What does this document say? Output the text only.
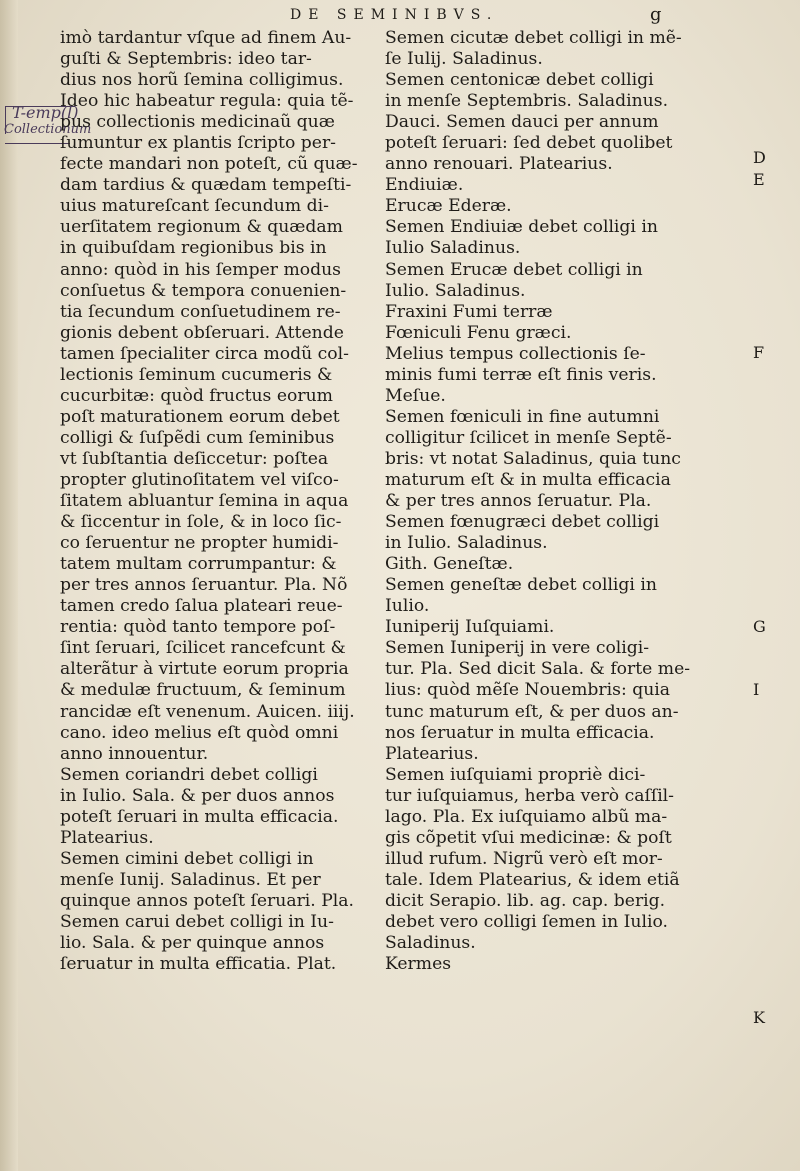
DE SEMINIBVS.	g
T-emp(l)
Collectionum
imò tardantur vſque ad finem Au-
guſti & Septembris: ideo tar-
dius nos horũ ſemina colligimus.
Ideo hic habeatur regula: quia tẽ-
pus collectionis medicinaũ quæ
ſumuntur ex plantis ſcripto per-
fecte mandari non poteſt, cũ quæ-
dam tardius & quædam tempeſti-
uius matureſcant ſecundum di-
uerſitatem regionum & quædam
in quibuſdam regionibus bis in
anno: quòd in his ſemper modus
conſuetus & tempora conuenien-
tia ſecundum conſuetudinem re-
gionis debent obſeruari. Attende
tamen ſpecialiter circa modũ col-
lectionis ſeminum cucumeris &
cucurbitæ: quòd fructus eorum
poſt maturationem eorum debet
colligi & ſuſpẽdi cum ſeminibus
vt ſubſtantia deſiccetur: poſtea
propter glutinoſitatem vel viſco-
ſitatem abluantur ſemina in aqua
& ſiccentur in ſole, & in loco ſic-
co ſeruentur ne propter humidi-
tatem multam corrumpantur: &
per tres annos ſeruantur. Pla. Nõ
tamen credo ſalua plateari reue-
rentia: quòd tanto tempore poſ-
ſint ſeruari, ſcilicet rancefcunt &
alterãtur à virtute eorum propria
& medulæ fructuum, & ſeminum
rancidæ eſt venenum. Auicen. iiij.
cano. ideo melius eſt quòd omni
anno innouentur.
Semen coriandri debet colligi
in Iulio. Sala. & per duos annos
poteſt ſeruari in multa efficacia.
Platearius.
Semen cimini debet colligi in
menſe Iunij. Saladinus. Et per
quinque annos poteſt ſeruari. Pla.
Semen carui debet colligi in Iu-
lio. Sala. & per quinque annos
ſeruatur in multa efficatia. Plat.
Semen cicutæ debet colligi in mẽ-
ſe Iulij. Saladinus.
Semen centonicæ debet colligi
in menſe Septembris. Saladinus.
Dauci. Semen dauci per annum
poteſt ſeruari: ſed debet quolibet
anno renouari. Platearius.
Endiuiæ.
Erucæ Ederæ.
Semen Endiuiæ debet colligi in
Iulio Saladinus.
Semen Erucæ debet colligi in
Iulio. Saladinus.
Fraxini Fumi terræ
Fœniculi Fenu græci.
Melius tempus collectionis ſe-
minis fumi terræ eſt finis veris.
Meſue.
Semen fœniculi in fine autumni
colligitur ſcilicet in menſe Septẽ-
bris: vt notat Saladinus, quia tunc
maturum eſt & in multa efficacia
& per tres annos ſeruatur. Pla.
Semen fœnugræci debet colligi
in Iulio. Saladinus.
Gith. Geneſtæ.
Semen geneſtæ debet colligi in
Iulio.
Iuniperij Iuſquiami.
Semen Iuniperij in vere coligi-
tur. Pla. Sed dicit Sala. & forte me-
lius: quòd mẽſe Nouembris: quia
tunc maturum eſt, & per duos an-
nos ſeruatur in multa efficacia.
Platearius.
Semen iuſquiami propriè dici-
tur iuſquiamus, herba verò caſſil-
lago. Pla. Ex iuſquiamo albũ ma-
gis cõpetit vſui medicinæ: & poſt
illud rufum. Nigrũ verò eſt mor-
tale. Idem Platearius, & idem etiã
dicit Serapio. lib. ag. cap. berig.
debet vero colligi ſemen in Iulio.
Saladinus.
Kermes
D
E
F
G
I
K
